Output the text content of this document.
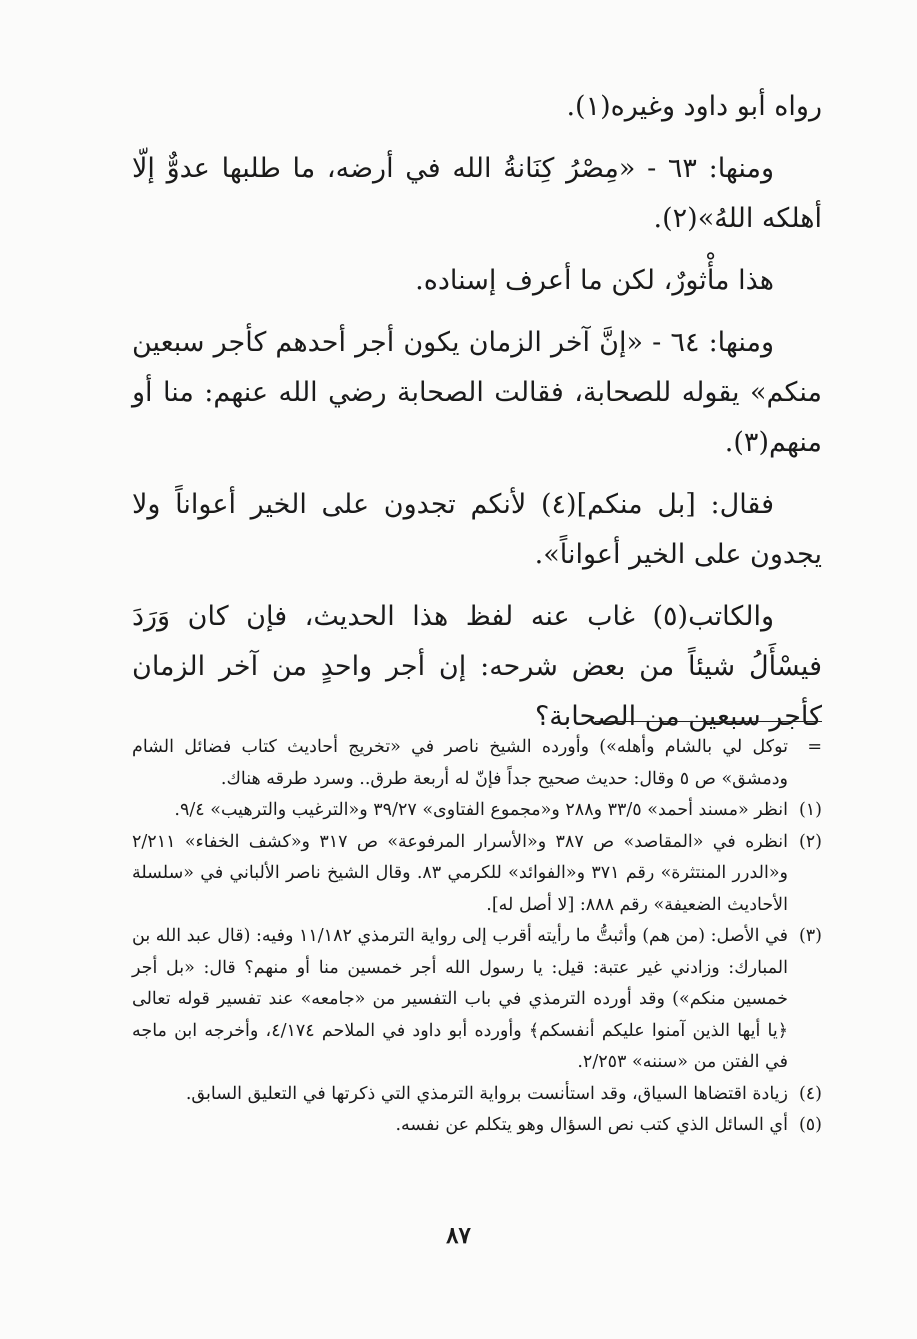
رواه أبو داود وغيره(١).

ومنها: ٦٣ - «مِصْرُ كِنَانةُ الله في أرضه، ما طلبها عدوٌّ إلّا أهلكه اللهُ»(٢).

هذا مأْثورٌ، لكن ما أعرف إسناده.

ومنها: ٦٤ - «إنَّ آخر الزمان يكون أجر أحدهم كأجر سبعين منكم» يقوله للصحابة، فقالت الصحابة رضي الله عنهم: منا أو منهم(٣).

فقال: [بل منكم](٤) لأنكم تجدون على الخير أعواناً ولا يجدون على الخير أعواناً».

والكاتب(٥) غاب عنه لفظ هذا الحديث، فإن كان وَرَدَ فيسْأَلُ شيئاً من بعض شرحه: إن أجر واحدٍ من آخر الزمان كأجر سبعين من الصحابة؟

=
توكل لي بالشام وأهله») وأورده الشيخ ناصر في «تخريج أحاديث كتاب فضائل الشام ودمشق» ص ٥ وقال: حديث صحيح جداً فإنّ له أربعة طرق.. وسرد طرقه هناك.
(١)
انظر «مسند أحمد» ٣٣/٥ و٢٨٨ و«مجموع الفتاوى» ٣٩/٢٧ و«الترغيب والترهيب» ٩/٤.
(٢)
انظره في «المقاصد» ص ٣٨٧ و«الأسرار المرفوعة» ص ٣١٧ و«كشف الخفاء» ٢/٢١١ و«الدرر المنتثرة» رقم ٣٧١ و«الفوائد» للكرمي ٨٣. وقال الشيخ ناصر الألباني في «سلسلة الأحاديث الضعيفة» رقم ٨٨٨: [لا أصل له].
(٣)
في الأصل: (من هم) وأثبتُّ ما رأيته أقرب إلى رواية الترمذي ١١/١٨٢ وفيه: (قال عبد الله بن المبارك: وزادني غير عتبة: قيل: يا رسول الله أجر خمسين منا أو منهم؟ قال: «بل أجر خمسين منكم») وقد أورده الترمذي في باب التفسير من «جامعه» عند تفسير قوله تعالى ﴿يا أيها الذين آمنوا عليكم أنفسكم﴾ وأورده أبو داود في الملاحم ٤/١٧٤، وأخرجه ابن ماجه في الفتن من «سننه» ٢/٢٥٣.
(٤)
زيادة اقتضاها السياق، وقد استأنست برواية الترمذي التي ذكرتها في التعليق السابق.
(٥)
أي السائل الذي كتب نص السؤال وهو يتكلم عن نفسه.
٨٧
